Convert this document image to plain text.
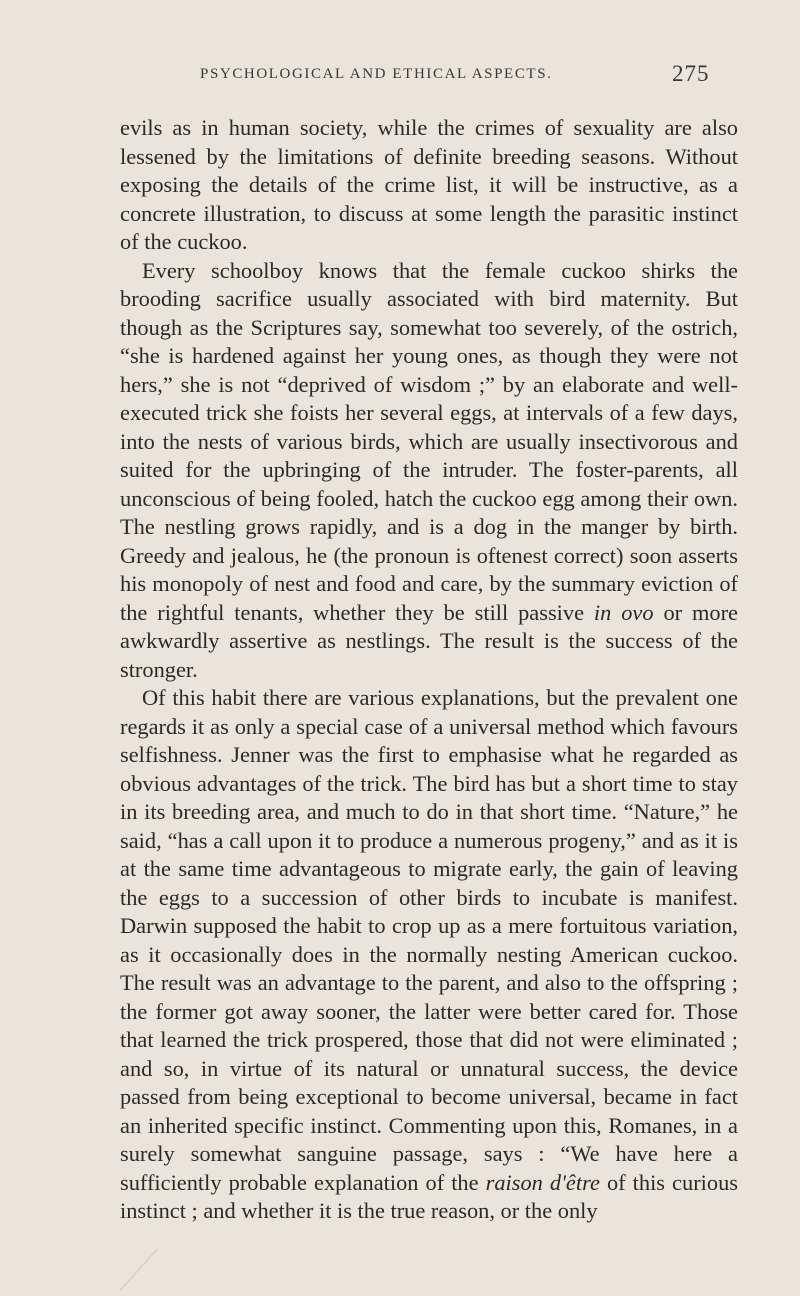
PSYCHOLOGICAL AND ETHICAL ASPECTS.	275

evils as in human society, while the crimes of sexuality are also lessened by the limitations of definite breeding seasons. Without exposing the details of the crime list, it will be instructive, as a concrete illustration, to discuss at some length the parasitic instinct of the cuckoo.

Every schoolboy knows that the female cuckoo shirks the brooding sacrifice usually associated with bird maternity. But though as the Scriptures say, somewhat too severely, of the ostrich, “she is hardened against her young ones, as though they were not hers,” she is not “deprived of wisdom ;” by an elaborate and well-executed trick she foists her several eggs, at intervals of a few days, into the nests of various birds, which are usually insectivorous and suited for the upbringing of the intruder. The foster-parents, all unconscious of being fooled, hatch the cuckoo egg among their own. The nestling grows rapidly, and is a dog in the manger by birth. Greedy and jealous, he (the pronoun is oftenest correct) soon asserts his monopoly of nest and food and care, by the summary eviction of the rightful tenants, whether they be still passive in ovo or more awkwardly assertive as nestlings. The result is the success of the stronger.

Of this habit there are various explanations, but the prevalent one regards it as only a special case of a universal method which favours selfishness. Jenner was the first to emphasise what he regarded as obvious advantages of the trick. The bird has but a short time to stay in its breeding area, and much to do in that short time. “Nature,” he said, “has a call upon it to produce a numerous progeny,” and as it is at the same time advantageous to migrate early, the gain of leaving the eggs to a succession of other birds to incubate is manifest. Darwin supposed the habit to crop up as a mere fortuitous variation, as it occasionally does in the normally nesting American cuckoo. The result was an advantage to the parent, and also to the offspring ; the former got away sooner, the latter were better cared for. Those that learned the trick prospered, those that did not were eliminated ; and so, in virtue of its natural or unnatural success, the device passed from being exceptional to become universal, became in fact an inherited specific instinct. Commenting upon this, Romanes, in a surely somewhat sanguine passage, says : “We have here a sufficiently probable explanation of the raison d'être of this curious instinct ; and whether it is the true reason, or the only
